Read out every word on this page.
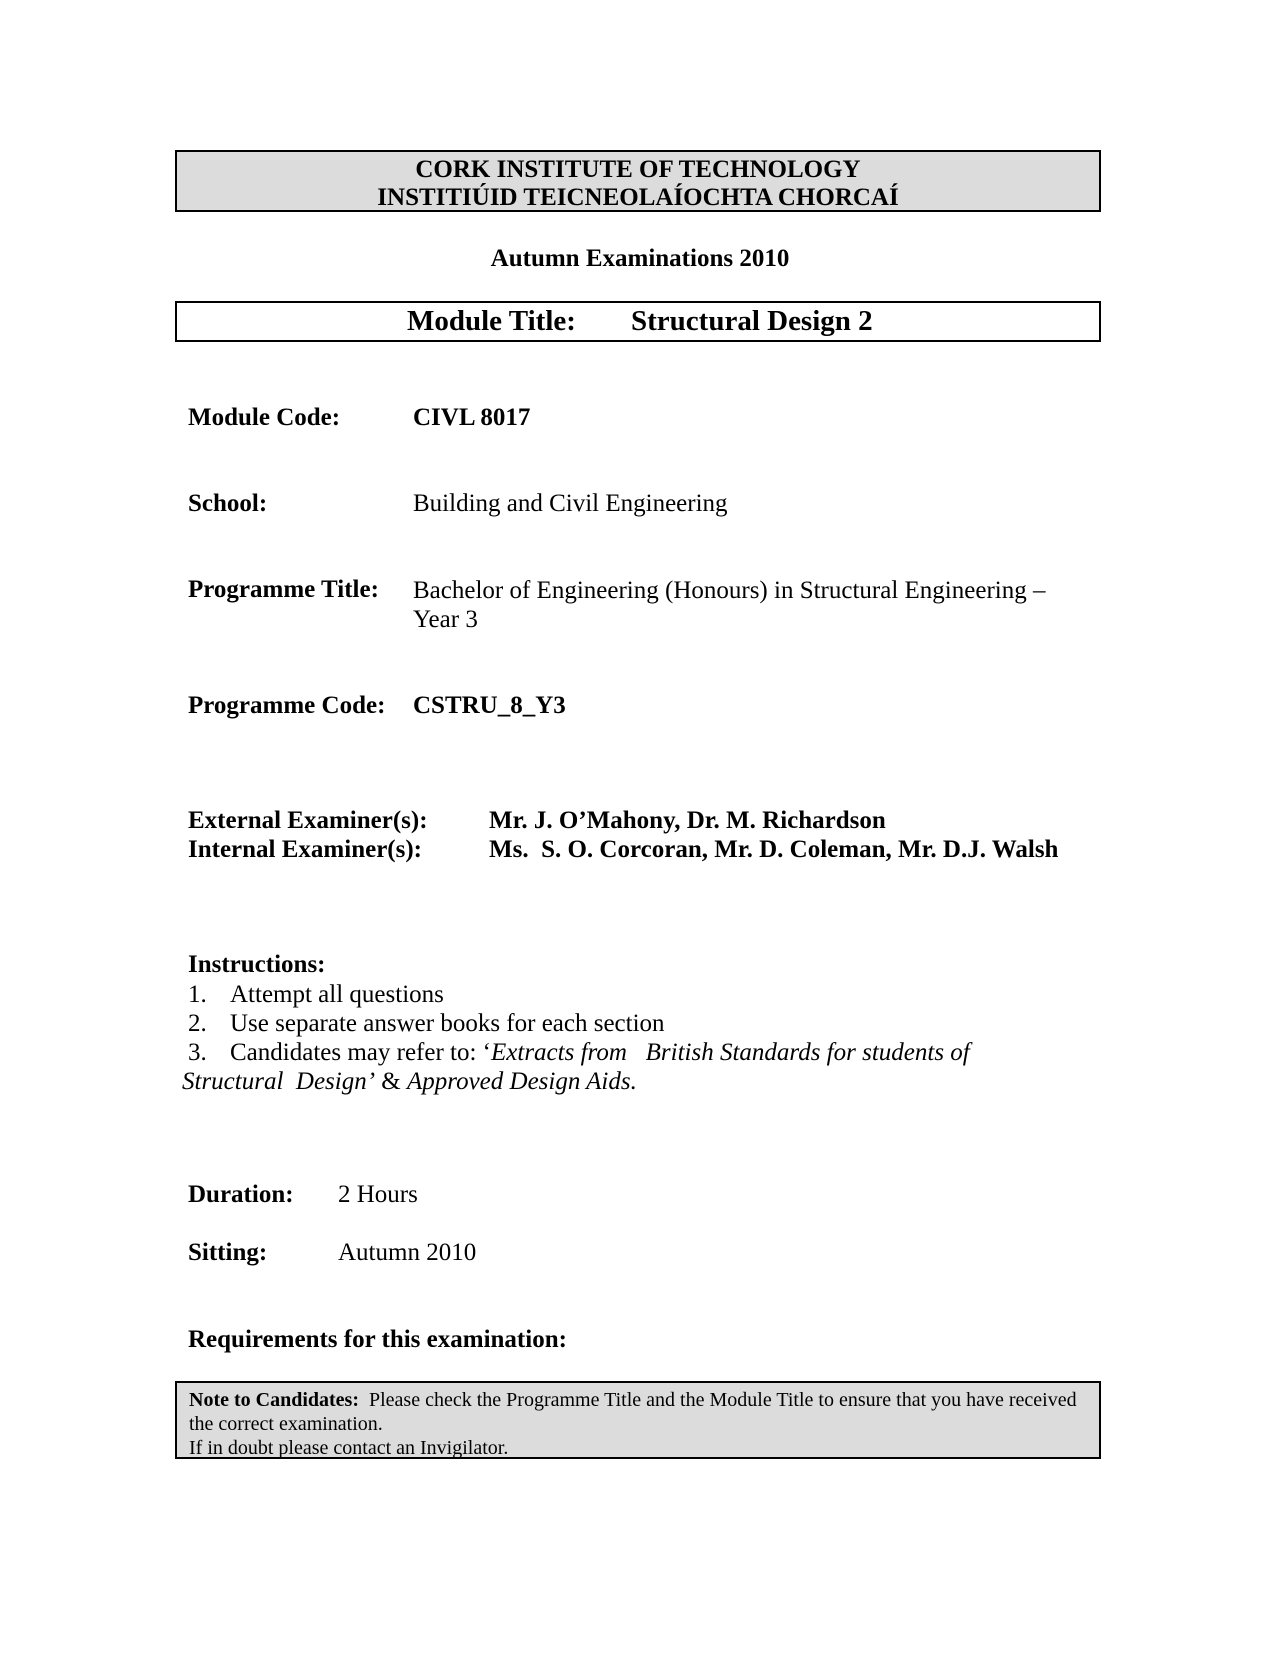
CORK INSTITUTE OF TECHNOLOGY
INSTITIÚID TEICNEOLAÍOCHTA CHORCAÍ
Autumn Examinations 2010
Module Title: Structural Design 2
Module Code:	CIVL 8017
School:	Building and Civil Engineering
Programme Title: Bachelor of Engineering (Honours) in Structural Engineering –
Year 3
Programme Code: CSTRU_8_Y3
External Examiner(s): Mr. J. O’Mahony, Dr. M. Richardson
Internal Examiner(s):	Ms.  S. O. Corcoran, Mr. D. Coleman, Mr. D.J. Walsh
Instructions:
1. Attempt all questions
2. Use separate answer books for each section
3. Candidates may refer to: ‘Extracts from   British Standards for students of
Structural  Design’ & Approved Design Aids.
Duration: 2 Hours
Sitting:	Autumn 2010
Requirements for this examination:
Note to Candidates:  Please check the Programme Title and the Module Title to ensure that you have received the correct examination.
If in doubt please contact an Invigilator.
